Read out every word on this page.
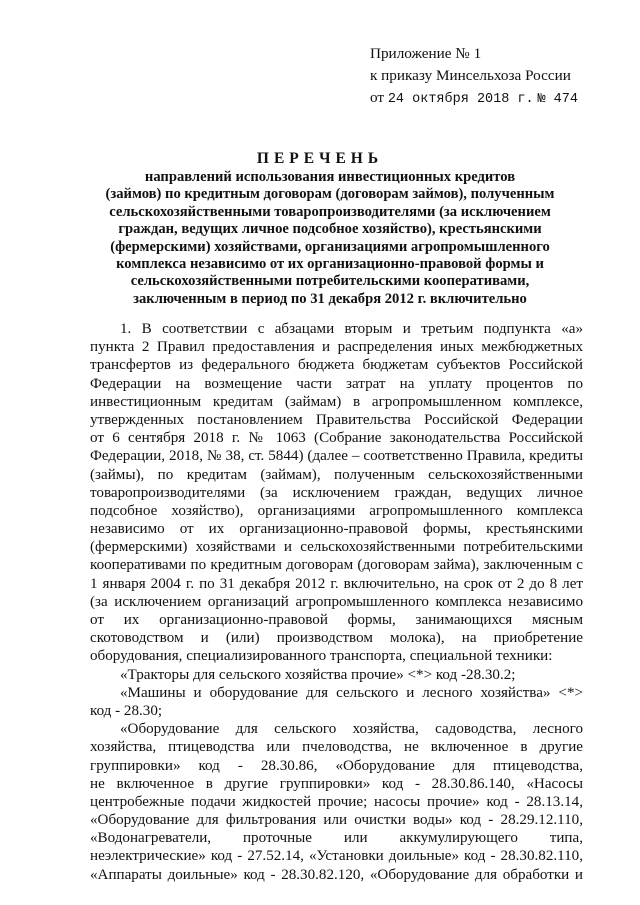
Приложение № 1
к приказу Минсельхоза России
от 24 октября 2018 г. № 474
ПЕРЕЧЕНЬ
направлений использования инвестиционных кредитов
(займов) по кредитным договорам (договорам займов), полученным
сельскохозяйственными товаропроизводителями (за исключением
граждан, ведущих личное подсобное хозяйство), крестьянскими
(фермерскими) хозяйствами, организациями агропромышленного
комплекса независимо от их организационно-правовой формы и
сельскохозяйственными потребительскими кооперативами,
заключенным в период по 31 декабря 2012 г. включительно
1. В соответствии с абзацами вторым и третьим подпункта «а»
пункта 2 Правил предоставления и распределения иных межбюджетных
трансфертов из федерального бюджета бюджетам субъектов Российской
Федерации на возмещение части затрат на уплату процентов по
инвестиционным кредитам (займам) в агропромышленном комплексе,
утвержденных постановлением Правительства Российской Федерации
от 6 сентября 2018 г. № 1063 (Собрание законодательства Российской
Федерации, 2018, № 38, ст. 5844) (далее – соответственно Правила, кредиты
(займы), по кредитам (займам), полученным сельскохозяйственными
товаропроизводителями (за исключением граждан, ведущих личное
подсобное хозяйство), организациями агропромышленного комплекса
независимо от их организационно-правовой формы, крестьянскими
(фермерскими) хозяйствами и сельскохозяйственными потребительскими
кооперативами по кредитным договорам (договорам займа), заключенным с
1 января 2004 г. по 31 декабря 2012 г. включительно, на срок от 2 до 8 лет
(за исключением организаций агропромышленного комплекса независимо
от их организационно-правовой формы, занимающихся мясным
скотоводством и (или) производством молока), на приобретение
оборудования, специализированного транспорта, специальной техники:
«Тракторы для сельского хозяйства прочие» <*> код -28.30.2;
«Машины и оборудование для сельского и лесного хозяйства» <*>
код - 28.30;
«Оборудование для сельского хозяйства, садоводства, лесного
хозяйства, птицеводства или пчеловодства, не включенное в другие
группировки» код - 28.30.86, «Оборудование для птицеводства,
не включенное в другие группировки» код - 28.30.86.140, «Насосы
центробежные подачи жидкостей прочие; насосы прочие» код - 28.13.14,
«Оборудование для фильтрования или очистки воды» код - 28.29.12.110,
«Водонагреватели, проточные или аккумулирующего типа,
неэлектрические» код - 27.52.14, «Установки доильные» код - 28.30.82.110,
«Аппараты доильные» код - 28.30.82.120, «Оборудование для обработки и
